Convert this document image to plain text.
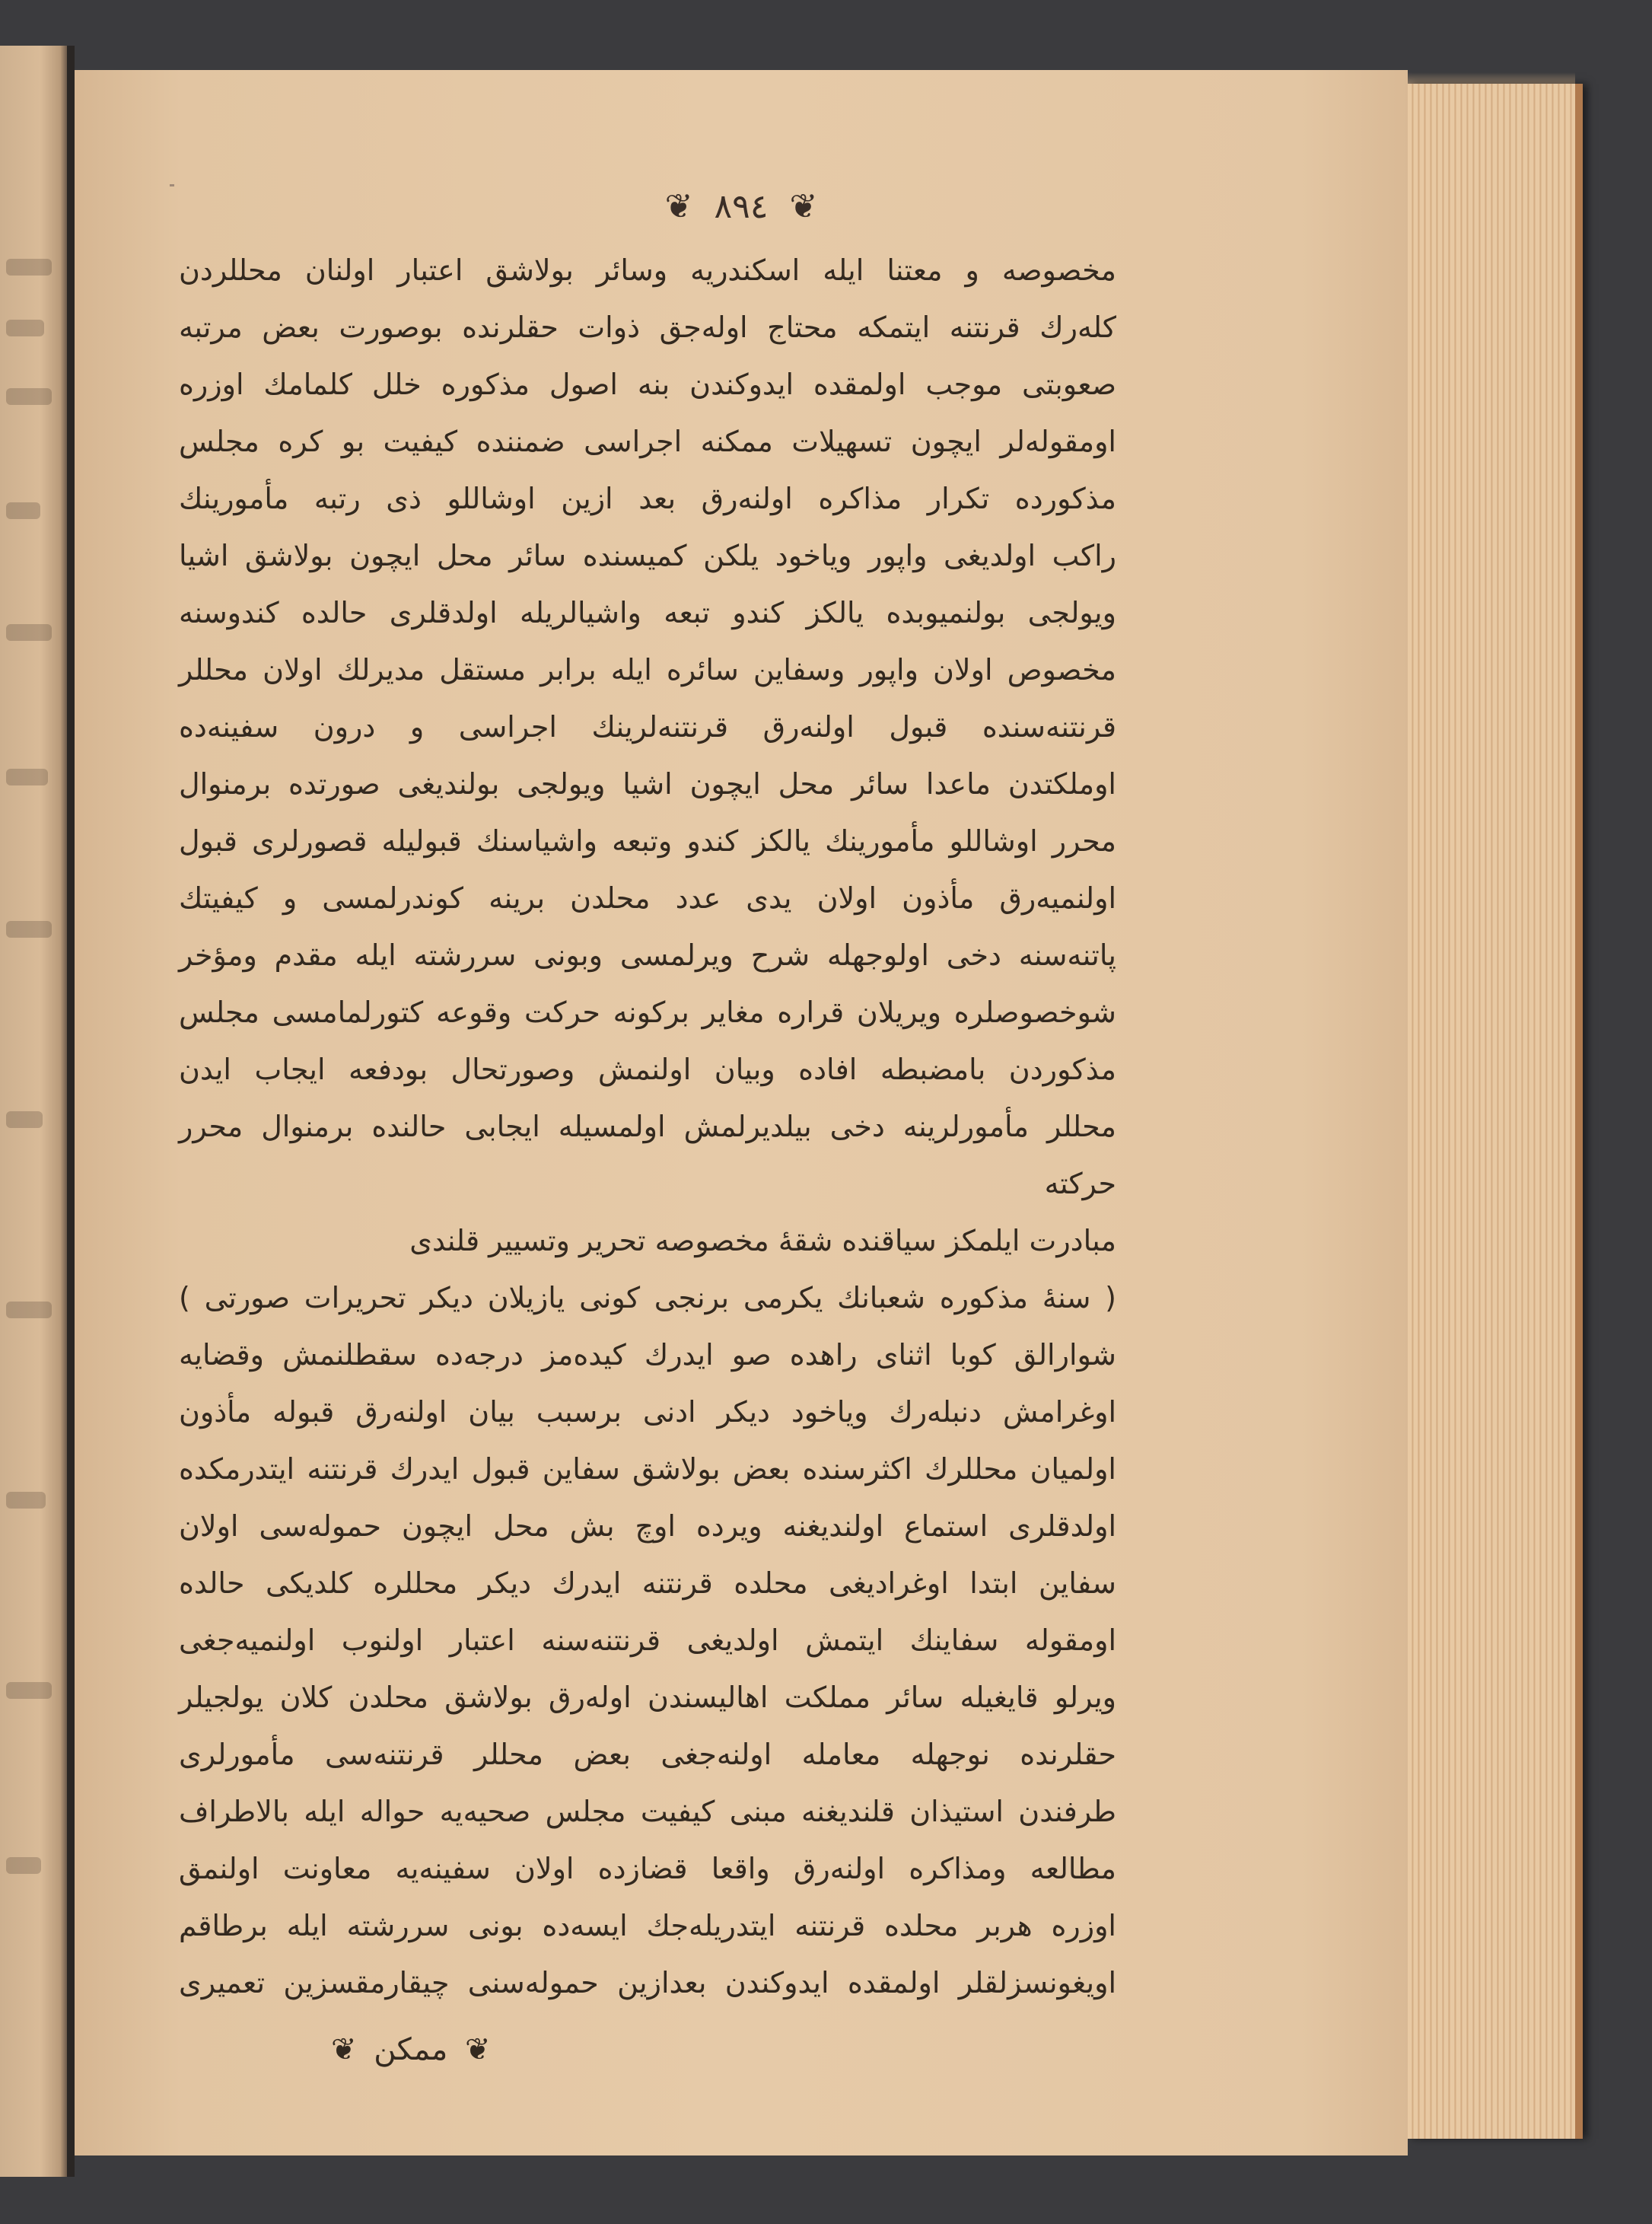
❦ ٨٩٤ ❦
مخصوصه و معتنا ایله اسکندریه وسائر بولاشق اعتبار اولنان محللردن
کلەرك قرنتنه ایتمکه محتاج اولەجق ذوات حقلرنده بوصورت بعض مرتبه
صعوبتی موجب اولمقده ایدوکندن بنه اصول مذکوره خلل کلمامك اوزره
اومقولەلر ایچون تسهیلات ممکنه اجراسی ضمننده کیفیت بو کره مجلس
مذکورده تکرار مذاکره اولنەرق بعد ازین اوشاللو ذی رتبه مأمورینك
راکب اولدیغی واپور ویاخود یلکن کمیسنده سائر محل ایچون بولاشق اشیا
ویولجی بولنمیوبده یالکز کندو تبعه واشیالریله اولدقلری حالده کندوسنه
مخصوص اولان واپور وسفاین سائره ایله برابر مستقل مدیرلك اولان محللر
قرنتنه‌سنده قبول اولنەرق قرنتنەلرینك اجراسی و درون سفینەده
اوملکتدن ماعدا سائر محل ایچون اشیا ویولجی بولندیغی صورتده برمنوال
محرر اوشاللو مأمورینك یالکز کندو وتبعه واشیاسنك قبولیله قصورلری قبول
اولنمیەرق مأذون اولان یدی عدد محلدن برینه کوندرلمسی و کیفیتك
پاتنه‌سنه دخی اولوجهله شرح ویرلمسی وبونی سررشته ایله مقدم ومؤخر
شوخصوصلره ویریلان قراره مغایر برکونه حرکت وقوعه کتورلمامسی مجلس
مذکوردن بامضبطه افاده وبیان اولنمش وصورتحال بودفعه ایجاب ایدن
محللر مأمورلرینه دخی بیلدیرلمش اولمسیله ایجابی حالنده برمنوال محرر حرکته
مبادرت ایلمکز سیاقنده شقهٔ مخصوصه تحریر وتسییر قلندی
( سنهٔ مذکوره شعبانك یکرمی برنجی کونی یازیلان دیکر تحریرات صورتی )
شوارالق کوبا اثنای راهده صو ایدرك کیدەمز درجەده سقطلنمش وقضایه
اوغرامش دنبلەرك وياخود دیکر ادنی برسبب بیان اولنەرق قبوله مأذون
اولمیان محللرك اکثرسنده بعض بولاشق سفاین قبول ایدرك قرنتنه ایتدرمکده
اولدقلری استماع اولندیغنه ویرده اوچ بش محل ایچون حمولەسی اولان
سفاین ابتدا اوغرادیغی محلده قرنتنه ایدرك دیکر محللره کلدیکی حالده
اومقوله سفاینك ایتمش اولدیغی قرنتنەسنه اعتبار اولنوب اولنمیەجغی
ویرلو قایغیله سائر مملکت اهالیسندن اولەرق بولاشق محلدن کلان یولجیلر
حقلرنده نوجهله معامله اولنەجغی بعض محللر قرنتنەسی مأمورلری
طرفندن استیذان قلندیغنه مبنی کیفیت مجلس صحیەیه حواله ایله بالاطراف
مطالعه ومذاکره اولنەرق واقعا قضازده اولان سفینەیه معاونت اولنمق
اوزره هربر محلده قرنتنه ایتدریلەجك ایسەده بونی سررشته ایله برطاقم
اویغونسزلقلر اولمقده ایدوکندن بعدازین حمولەسنی چیقارمقسزین تعمیری
❦ ممکن ❦
